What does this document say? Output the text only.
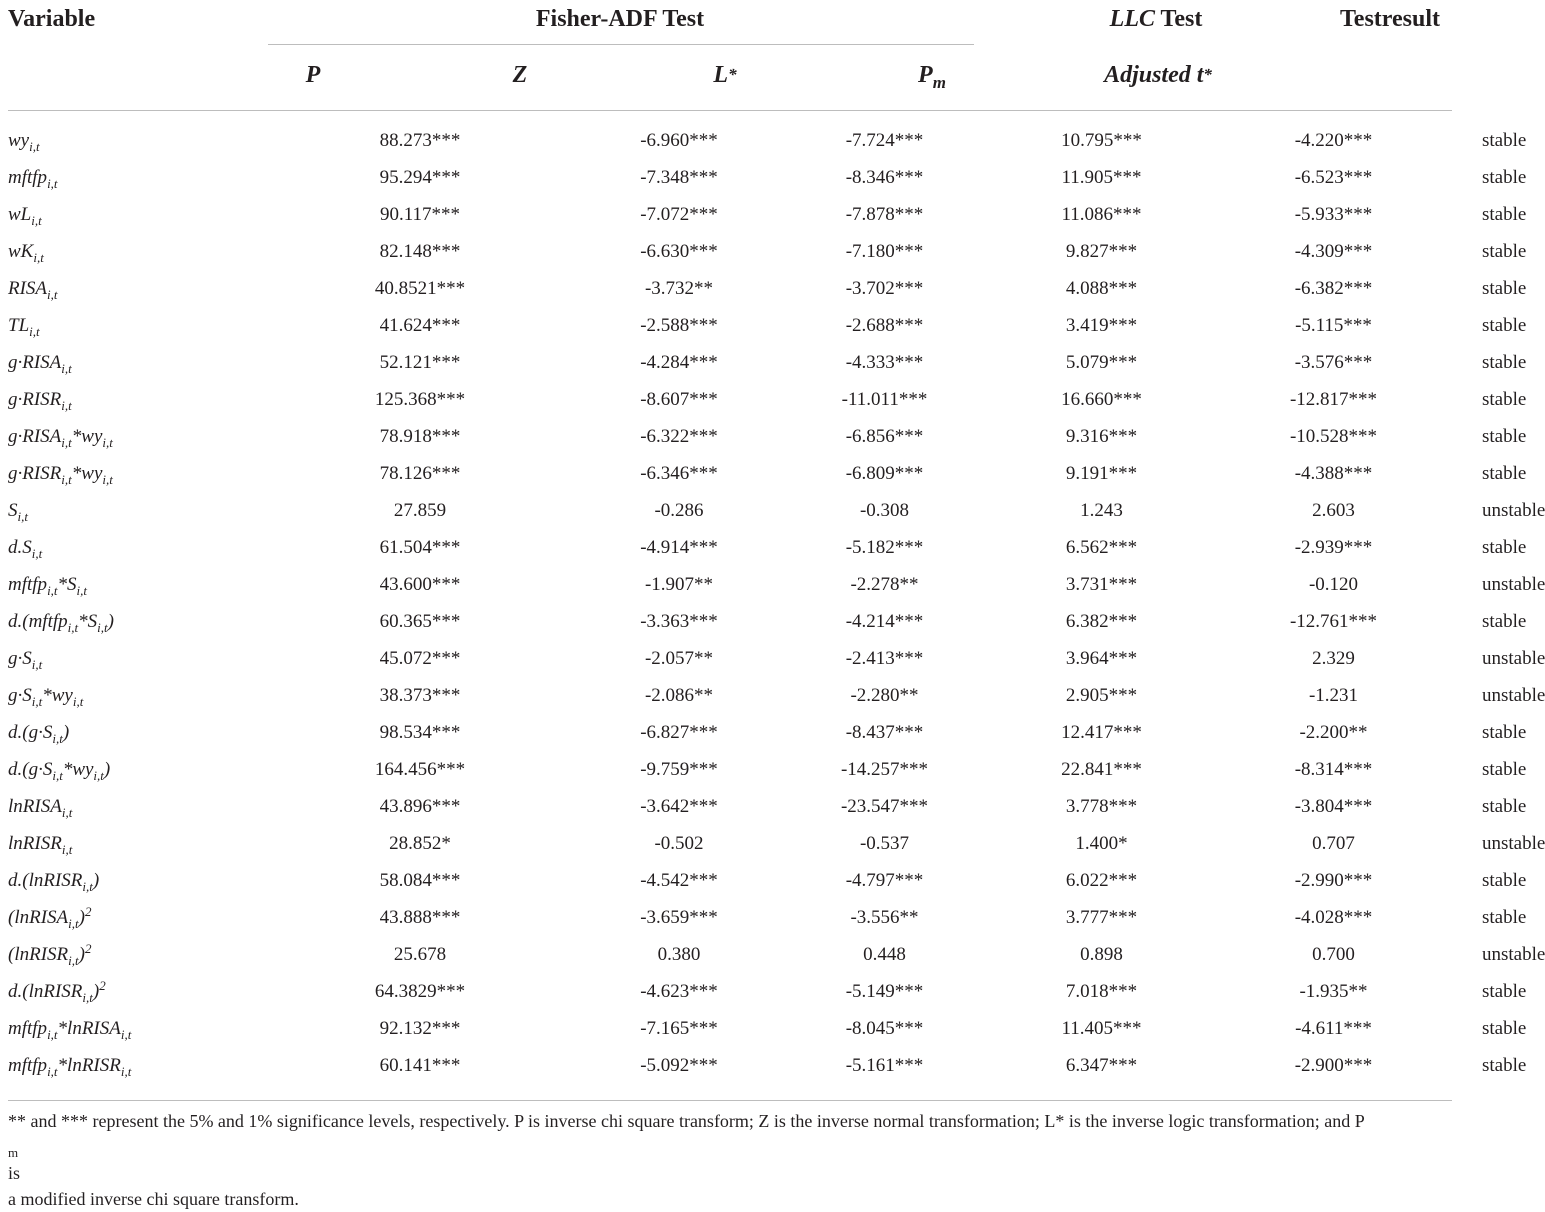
Variable	Fisher-ADF Test	LLC Test	Testresult
P	Z	L*	$P_m$	Adjusted t*
$wy_{i,t}$	88.273***	-6.960***	-7.724***	10.795***	-4.220***	stable
mftfp$_{i,t}$	95.294***	-7.348***	-8.346***	11.905***	-6.523***	stable
$wL_{i,t}$	90.117***	-7.072***	-7.878***	11.086***	-5.933***	stable
$wK_{i,t}$	82.148***	-6.630***	-7.180***	9.827***	-4.309***	stable
$RISA_{i,t}$	40.8521***	-3.732**	-3.702***	4.088***	-6.382***	stable
$TL_{i,t}$	41.624***	-2.588***	-2.688***	3.419***	-5.115***	stable
$g\cdot RISA_{i,t}$	52.121***	-4.284***	-4.333***	5.079***	-3.576***	stable
$g\cdot RISR_{i,t}$	125.368***	-8.607***	-11.011***	16.660***	-12.817***	stable
$g\cdot RISA_{i,t}*wy_{i,t}$	78.918***	-6.322***	-6.856***	9.316***	-10.528***	stable
$g\cdot RISR_{i,t}*wy_{i,t}$	78.126***	-6.346***	-6.809***	9.191***	-4.388***	stable
$S_{i,t}$	27.859	-0.286	-0.308	1.243	2.603	unstable
$d.S_{i,t}$	61.504***	-4.914***	-5.182***	6.562***	-2.939***	stable
$mftfp_{i,t}*S_{i,t}$	43.600***	-1.907**	-2.278**	3.731***	-0.120	unstable
$d.(mftfp_{i,t}*S_{i,t})$	60.365***	-3.363***	-4.214***	6.382***	-12.761***	stable
$g\cdot S_{i,t}$	45.072***	-2.057**	-2.413***	3.964***	2.329	unstable
$g\cdot S_{i,t}*wy_{i,t}$	38.373***	-2.086**	-2.280**	2.905***	-1.231	unstable
$d.(g\cdot S_{i,t})$	98.534***	-6.827***	-8.437***	12.417***	-2.200**	stable
$d.(g\cdot S_{i,t}*wy_{i,t})$	164.456***	-9.759***	-14.257***	22.841***	-8.314***	stable
lnRISA$_{i,t}$	43.896***	-3.642***	-23.547***	3.778***	-3.804***	stable
lnRISR$_{i,t}$	28.852*	-0.502	-0.537	1.400*	0.707	unstable
d.(lnRISR$_{i,t}$)	58.084***	-4.542***	-4.797***	6.022***	-2.990***	stable
(lnRISA$_{i,t}$)$^2$	43.888***	-3.659***	-3.556**	3.777***	-4.028***	stable
(lnRISR$_{i,t}$)$^2$	25.678	0.380	0.448	0.898	0.700	unstable
d.(lnRISR$_{i,t}$)$^2$	64.3829***	-4.623***	-5.149***	7.018***	-1.935**	stable
mftfp$_{i,t}$*lnRISA$_{i,t}$	92.132***	-7.165***	-8.045***	11.405***	-4.611***	stable
mftfp$_{i,t}$*lnRISR$_{i,t}$	60.141***	-5.092***	-5.161***	6.347***	-2.900***	stable
** and *** represent the 5% and 1% significance levels, respectively. P is inverse chi square transform; Z is the inverse normal transformation; L* is the inverse logic transformation; and P
$_m$
is
a modified inverse chi square transform.
